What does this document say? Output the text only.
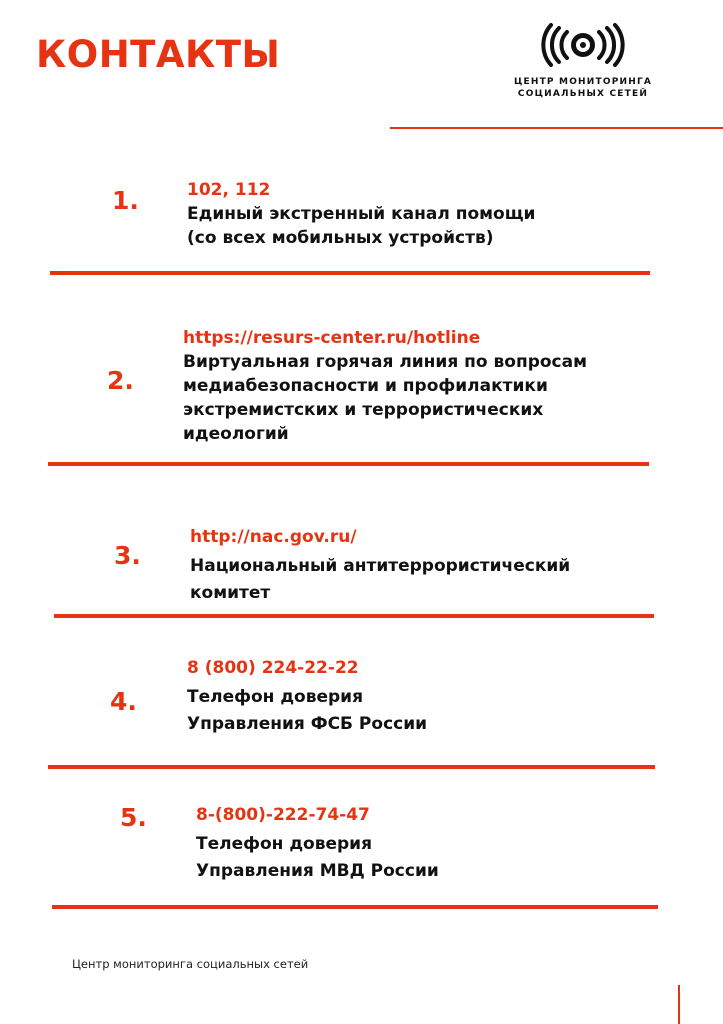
КОНТАКТЫ
ЦЕНТР МОНИТОРИНГА
СОЦИАЛЬНЫХ СЕТЕЙ
1.	102, 112
Единый экстренный канал помощи
(со всех мобильных устройств)
2.
https://resurs-center.ru/hotline
Виртуальная горячая линия по вопросам
медиабезопасности и профилактики
экстремистских и террористических
идеологий
3.
http://nac.gov.ru/
Национальный антитеррористический
комитет
4.
8 (800) 224-22-22
Телефон доверия
Управления ФСБ России
5.	8-(800)-222-74-47
Телефон доверия
Управления МВД России
Центр мониторинга социальных сетей
